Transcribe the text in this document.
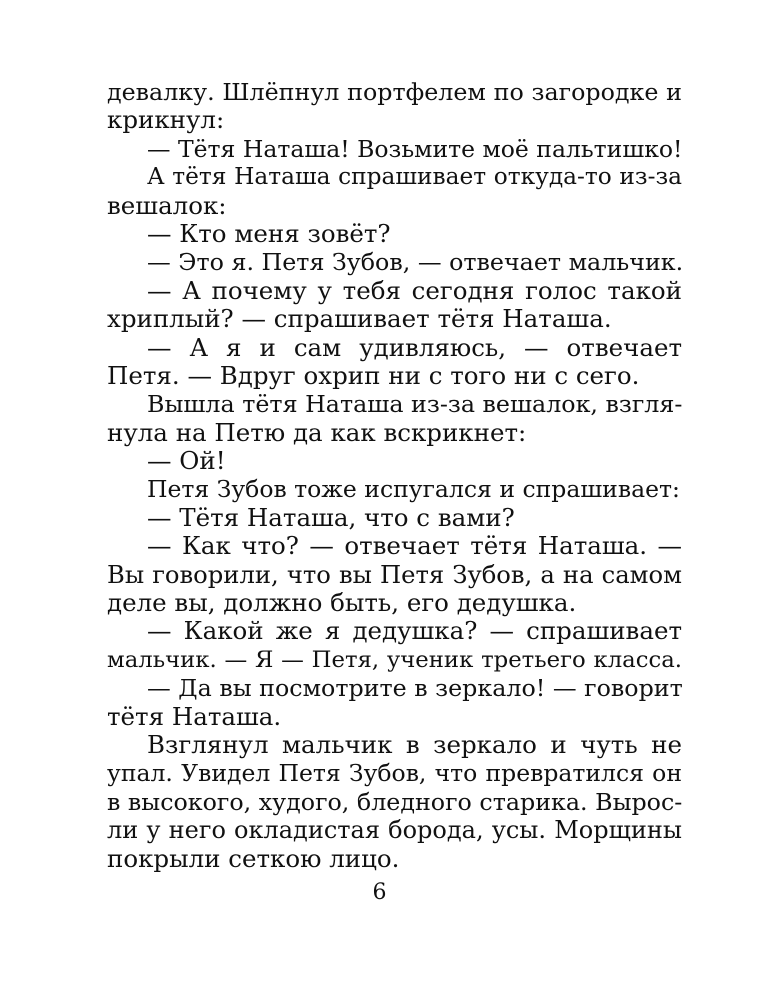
девалку. Шлёпнул портфелем по загородке и
крикнул:
— Тётя Наташа! Возьмите моё пальтишко!
А тётя Наташа спрашивает откуда-то из-за
вешалок:
— Кто меня зовёт?
— Это я. Петя Зубов, — отвечает мальчик.
— А почему у тебя сегодня голос такой
хриплый? — спрашивает тётя Наташа.
— А я и сам удивляюсь, — отвечает
Петя. — Вдруг охрип ни с того ни с сего.
Вышла тётя Наташа из-за вешалок, взгля-
нула на Петю да как вскрикнет:
— Ой!
Петя Зубов тоже испугался и спрашивает:
— Тётя Наташа, что с вами?
— Как что? — отвечает тётя Наташа. —
Вы говорили, что вы Петя Зубов, а на самом
деле вы, должно быть, его дедушка.
— Какой же я дедушка? — спрашивает
мальчик. — Я — Петя, ученик третьего класса.
— Да вы посмотрите в зеркало! — говорит
тётя Наташа.
Взглянул мальчик в зеркало и чуть не
упал. Увидел Петя Зубов, что превратился он
в высокого, худого, бледного старика. Вырос-
ли у него окладистая борода, усы. Морщины
покрыли сеткою лицо.
6
